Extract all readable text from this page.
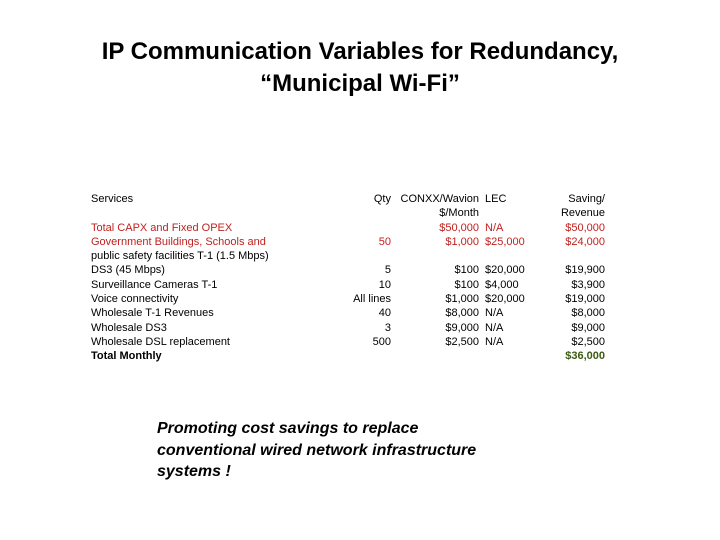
IP Communication Variables for Redundancy,
“Municipal Wi-Fi”
Services	Qty	CONXX/Wavion	LEC	Saving/
		$/Month		Revenue
Total CAPX and Fixed OPEX		$50,000	N/A	$50,000
Government Buildings, Schools and	50	$1,000	$25,000	$24,000
public safety facilities T-1 (1.5 Mbps)				
DS3 (45 Mbps)	5	$100	$20,000	$19,900
Surveillance Cameras T-1	10	$100	$4,000	$3,900
Voice connectivity	All lines	$1,000	$20,000	$19,000
Wholesale T-1 Revenues	40	$8,000	N/A	$8,000
Wholesale DS3	3	$9,000	N/A	$9,000
Wholesale DSL replacement	500	$2,500	N/A	$2,500
Total Monthly				$36,000
Promoting cost savings to replace
conventional wired network infrastructure
systems !
